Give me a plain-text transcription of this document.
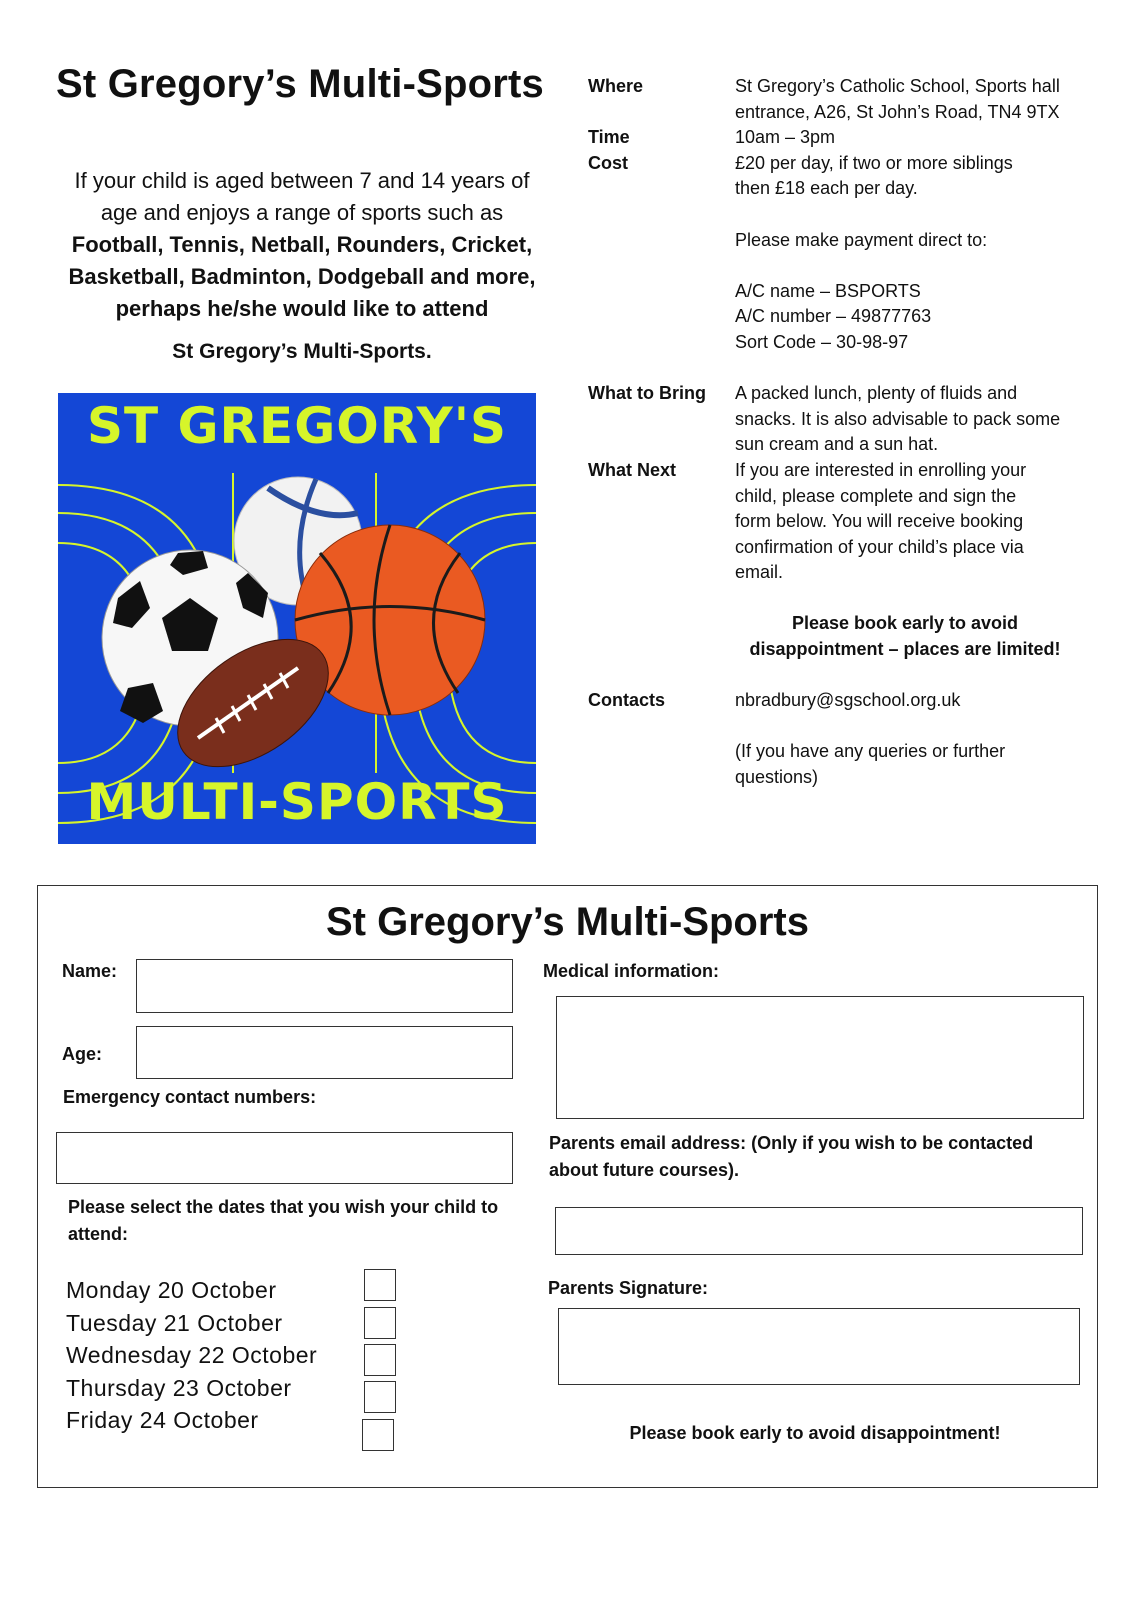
St Gregory’s Multi-Sports
If your child is aged between 7 and 14 years of
age and enjoys a range of sports such as
Football, Tennis, Netball, Rounders, Cricket,
Basketball, Badminton, Dodgeball and more,
perhaps he/she would like to attend
St Gregory’s Multi-Sports.
ST GREGORY'S
MULTI-SPORTS
Where	St Gregory’s Catholic School, Sports hall
entrance, A26, St John’s Road, TN4 9TX
Time	10am – 3pm
Cost	£20 per day, if two or more siblings
then £18 each per day.
Please make payment direct to:
A/C name – BSPORTS
A/C number – 49877763
Sort Code – 30-98-97
What to Bring	A packed lunch, plenty of fluids and
snacks. It is also advisable to pack some
sun cream and a sun hat.
What Next	If you are interested in enrolling your
child, please complete and sign the
form below. You will receive booking
confirmation of your child’s place via
email.
Please book early to avoid
disappointment – places are limited!
Contacts	nbradbury@sgschool.org.uk
(If you have any queries or further
questions)
St Gregory’s Multi-Sports
Name:
Age:
Emergency contact numbers:
Please select the dates that you wish your child to
attend:
Monday 20 October
Tuesday 21 October
Wednesday 22 October
Thursday 23 October
Friday 24 October
Medical information:
Parents email address: (Only if you wish to be contacted
about future courses).
Parents Signature:
Please book early to avoid disappointment!
